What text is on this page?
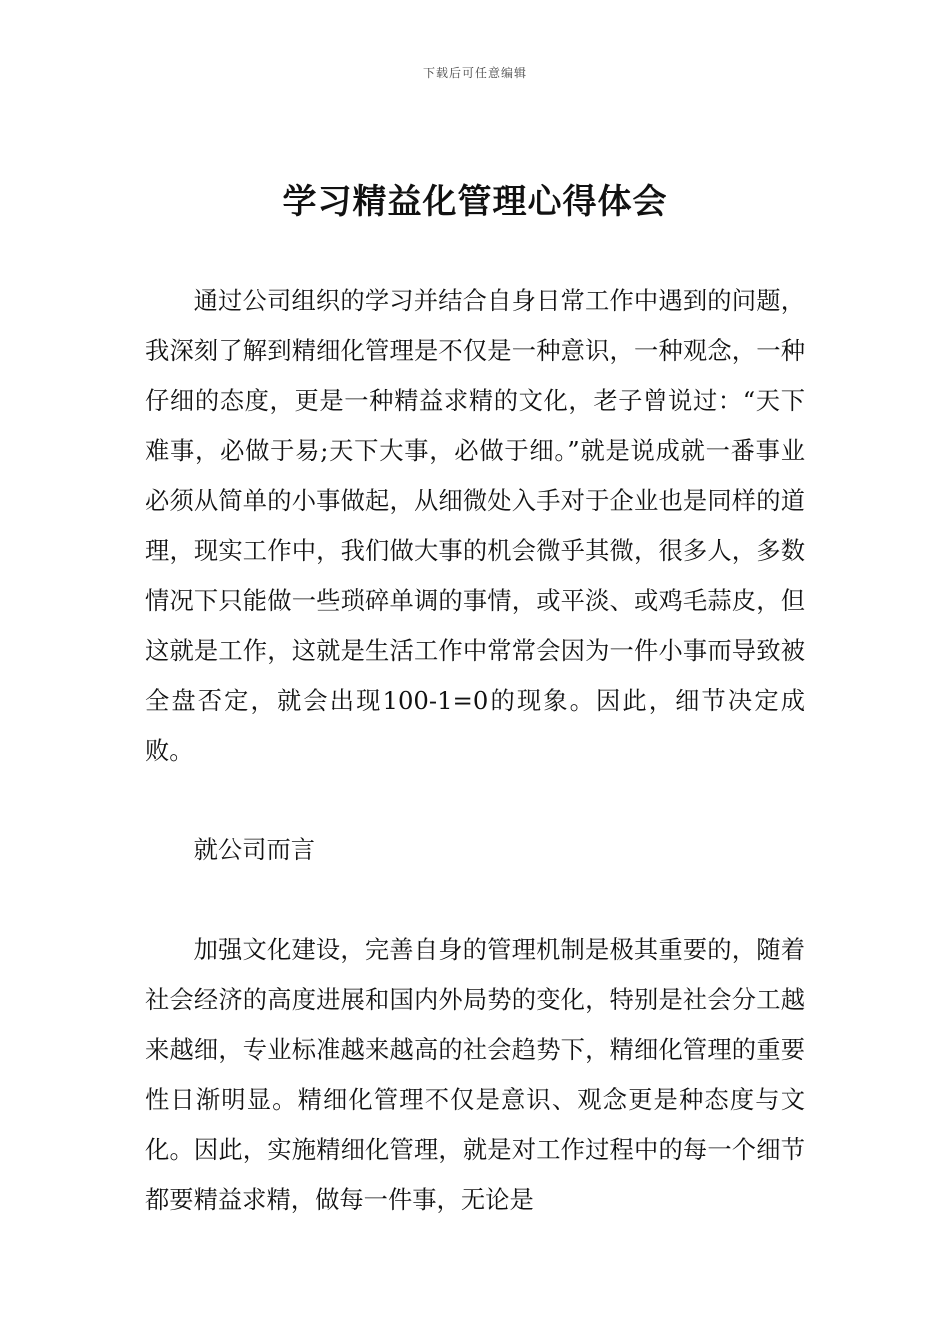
下载后可任意编辑
学习精益化管理心得体会

通过公司组织的学习并结合自身日常工作中遇到的问题，我深刻了解到精细化管理是不仅是一种意识，一种观念，一种仔细的态度，更是一种精益求精的文化，老子曾说过：“天下难事，必做于易;天下大事，必做于细。”就是说成就一番事业必须从简单的小事做起，从细微处入手对于企业也是同样的道理，现实工作中，我们做大事的机会微乎其微，很多人，多数情况下只能做一些琐碎单调的事情，或平淡、或鸡毛蒜皮，但这就是工作，这就是生活工作中常常会因为一件小事而导致被全盘否定，就会出现100-1=0的现象。因此，细节决定成败。

就公司而言

加强文化建设，完善自身的管理机制是极其重要的，随着社会经济的高度进展和国内外局势的变化，特别是社会分工越来越细，专业标准越来越高的社会趋势下，精细化管理的重要性日渐明显。精细化管理不仅是意识、观念更是种态度与文化。因此，实施精细化管理，就是对工作过程中的每一个细节都要精益求精，做每一件事，无论是
